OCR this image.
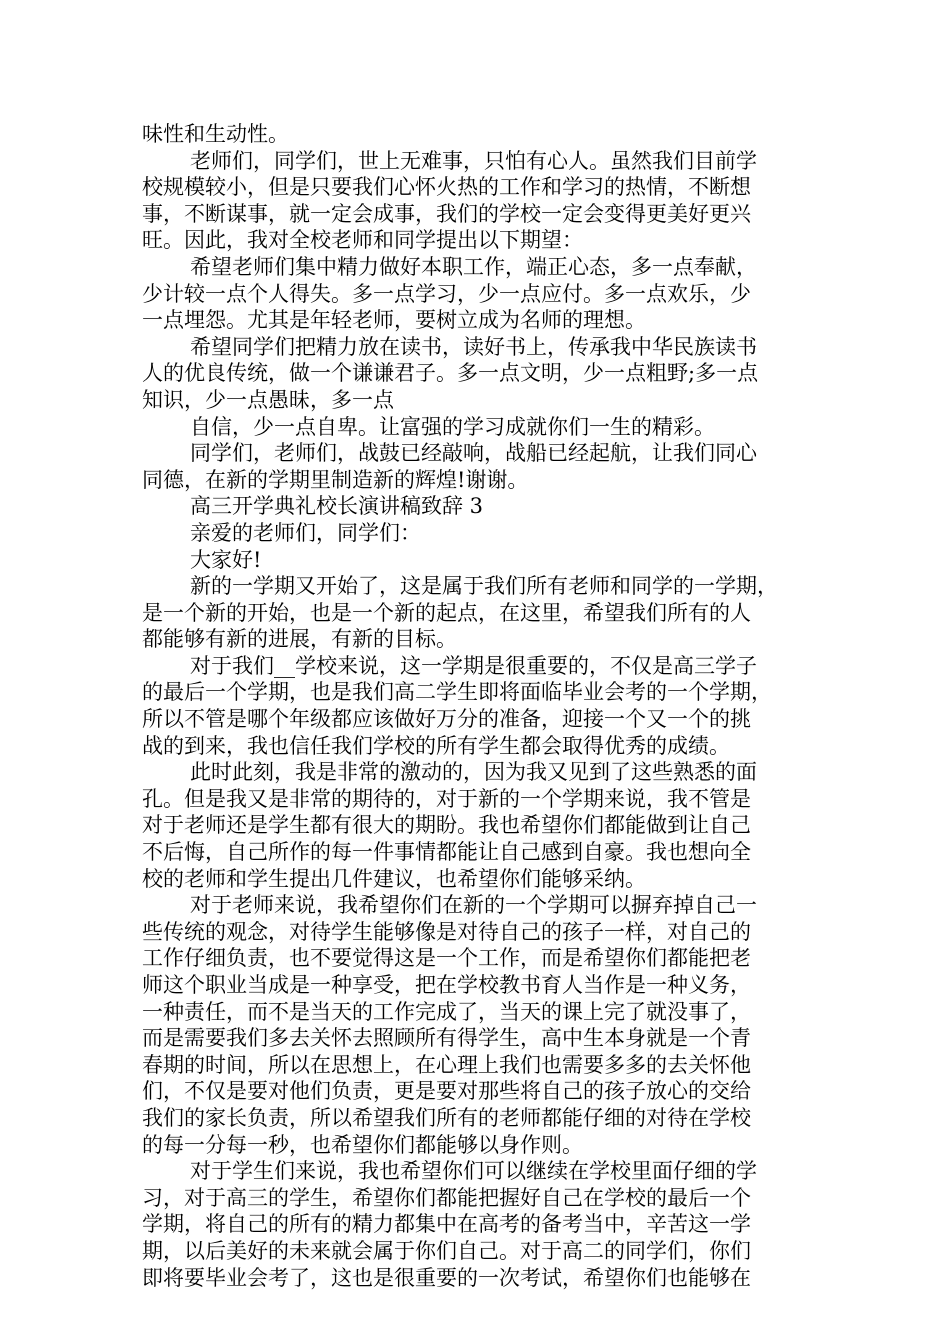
味性和生动性。
老师们，同学们，世上无难事，只怕有心人。虽然我们目前学
校规模较小，但是只要我们心怀火热的工作和学习的热情，不断想
事，不断谋事，就一定会成事，我们的学校一定会变得更美好更兴
旺。因此，我对全校老师和同学提出以下期望：
希望老师们集中精力做好本职工作，端正心态，多一点奉献，
少计较一点个人得失。多一点学习，少一点应付。多一点欢乐，少
一点埋怨。尤其是年轻老师，要树立成为名师的理想。
希望同学们把精力放在读书，读好书上，传承我中华民族读书
人的优良传统，做一个谦谦君子。多一点文明，少一点粗野;多一点
知识，少一点愚昧，多一点
自信，少一点自卑。让富强的学习成就你们一生的精彩。
同学们，老师们，战鼓已经敲响，战船已经起航，让我们同心
同德，在新的学期里制造新的辉煌!谢谢。
高三开学典礼校长演讲稿致辞 3
亲爱的老师们，同学们：
大家好!
新的一学期又开始了，这是属于我们所有老师和同学的一学期，
是一个新的开始，也是一个新的起点，在这里，希望我们所有的人
都能够有新的进展，有新的目标。
对于我们__学校来说，这一学期是很重要的，不仅是高三学子
的最后一个学期，也是我们高二学生即将面临毕业会考的一个学期，
所以不管是哪个年级都应该做好万分的准备，迎接一个又一个的挑
战的到来，我也信任我们学校的所有学生都会取得优秀的成绩。
此时此刻，我是非常的激动的，因为我又见到了这些熟悉的面
孔。但是我又是非常的期待的，对于新的一个学期来说，我不管是
对于老师还是学生都有很大的期盼。我也希望你们都能做到让自己
不后悔，自己所作的每一件事情都能让自己感到自豪。我也想向全
校的老师和学生提出几件建议，也希望你们能够采纳。
对于老师来说，我希望你们在新的一个学期可以摒弃掉自己一
些传统的观念，对待学生能够像是对待自己的孩子一样，对自己的
工作仔细负责，也不要觉得这是一个工作，而是希望你们都能把老
师这个职业当成是一种享受，把在学校教书育人当作是一种义务，
一种责任，而不是当天的工作完成了，当天的课上完了就没事了，
而是需要我们多去关怀去照顾所有得学生，高中生本身就是一个青
春期的时间，所以在思想上，在心理上我们也需要多多的去关怀他
们，不仅是要对他们负责，更是要对那些将自己的孩子放心的交给
我们的家长负责，所以希望我们所有的老师都能仔细的对待在学校
的每一分每一秒，也希望你们都能够以身作则。
对于学生们来说，我也希望你们可以继续在学校里面仔细的学
习，对于高三的学生，希望你们都能把握好自己在学校的最后一个
学期，将自己的所有的精力都集中在高考的备考当中，辛苦这一学
期，以后美好的未来就会属于你们自己。对于高二的同学们，你们
即将要毕业会考了，这也是很重要的一次考试，希望你们也能够在
